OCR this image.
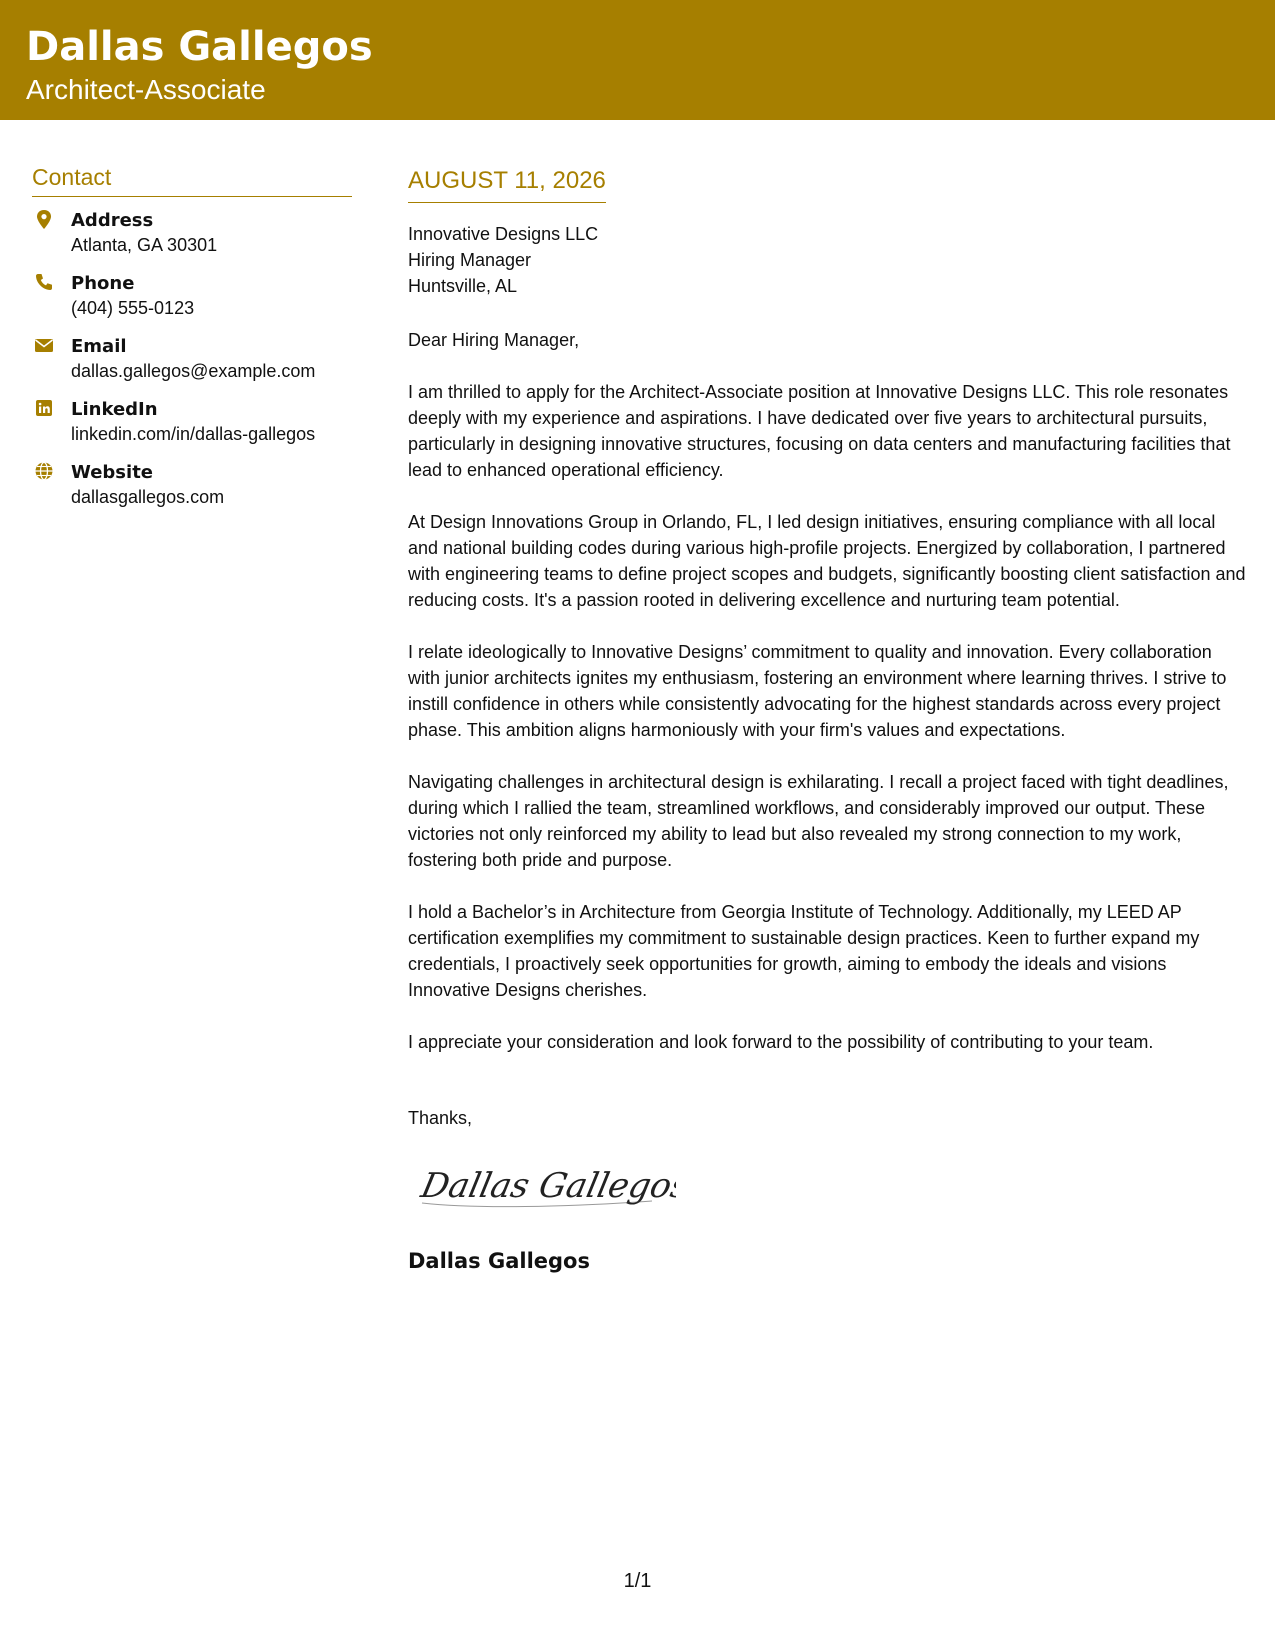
Dallas Gallegos
Architect-Associate
Contact
Address
Atlanta, GA 30301
Phone
(404) 555-0123
Email
dallas.gallegos@example.com
LinkedIn
linkedin.com/in/dallas-gallegos
Website
dallasgallegos.com
AUGUST 11, 2026
Innovative Designs LLC
Hiring Manager
Huntsville, AL
Dear Hiring Manager,

I am thrilled to apply for the Architect-Associate position at Innovative Designs LLC. This role resonates deeply with my experience and aspirations. I have dedicated over five years to architectural pursuits, particularly in designing innovative structures, focusing on data centers and manufacturing facilities that lead to enhanced operational efficiency.

At Design Innovations Group in Orlando, FL, I led design initiatives, ensuring compliance with all local and national building codes during various high-profile projects. Energized by collaboration, I partnered with engineering teams to define project scopes and budgets, significantly boosting client satisfaction and reducing costs. It's a passion rooted in delivering excellence and nurturing team potential.

I relate ideologically to Innovative Designs’ commitment to quality and innovation. Every collaboration with junior architects ignites my enthusiasm, fostering an environment where learning thrives. I strive to instill confidence in others while consistently advocating for the highest standards across every project phase. This ambition aligns harmoniously with your firm's values and expectations.

Navigating challenges in architectural design is exhilarating. I recall a project faced with tight deadlines, during which I rallied the team, streamlined workflows, and considerably improved our output. These victories not only reinforced my ability to lead but also revealed my strong connection to my work, fostering both pride and purpose.

I hold a Bachelor’s in Architecture from Georgia Institute of Technology. Additionally, my LEED AP certification exemplifies my commitment to sustainable design practices. Keen to further expand my credentials, I proactively seek opportunities for growth, aiming to embody the ideals and visions Innovative Designs cherishes.

I appreciate your consideration and look forward to the possibility of contributing to your team.

Thanks,
Dallas Gallegos
Dallas Gallegos
1/1
